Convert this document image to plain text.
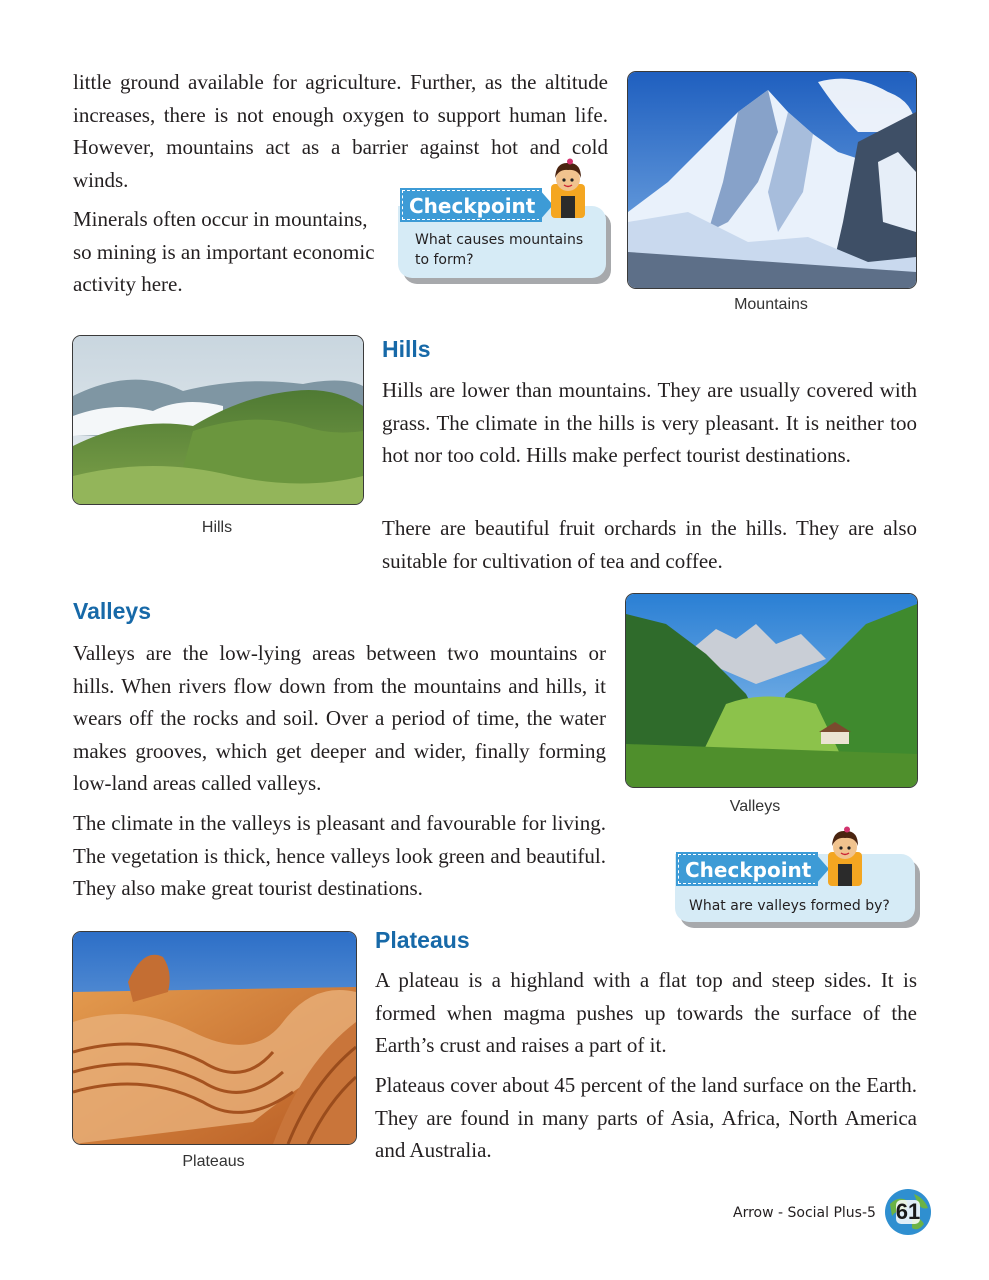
little ground available for agriculture. Further, as the altitude increases, there is not enough oxygen to support human life. However, mountains act as a barrier against hot and cold winds.

Minerals often occur in mountains, so mining is an important economic activity here.

Checkpoint
What causes mountains to form?
Mountains
Hills
Hills

Hills are lower than mountains. They are usually covered with grass. The climate in the hills is very pleasant. It is neither too hot nor too cold. Hills make perfect tourist destinations.

There are beautiful fruit orchards in the hills. They are also suitable for cultivation of tea and coffee.

Valleys

Valleys are the low-lying areas between two mountains or hills. When rivers flow down from the mountains and hills, it wears off the rocks and soil. Over a period of time, the water makes grooves, which get deeper and wider, finally forming low-land areas called valleys.

The climate in the valleys is pleasant and favourable for living. The vegetation is thick, hence valleys look green and beautiful. They also make great tourist destinations.

Valleys
Checkpoint
What are valleys formed by?
Plateaus
Plateaus

A plateau is a highland with a flat top and steep sides. It is formed when magma pushes up towards the surface of the Earth’s crust and raises a part of it.

Plateaus cover about 45 percent of the land surface on the Earth. They are found in many parts of Asia, Africa, North America and Australia.

Arrow - Social Plus-5 61
